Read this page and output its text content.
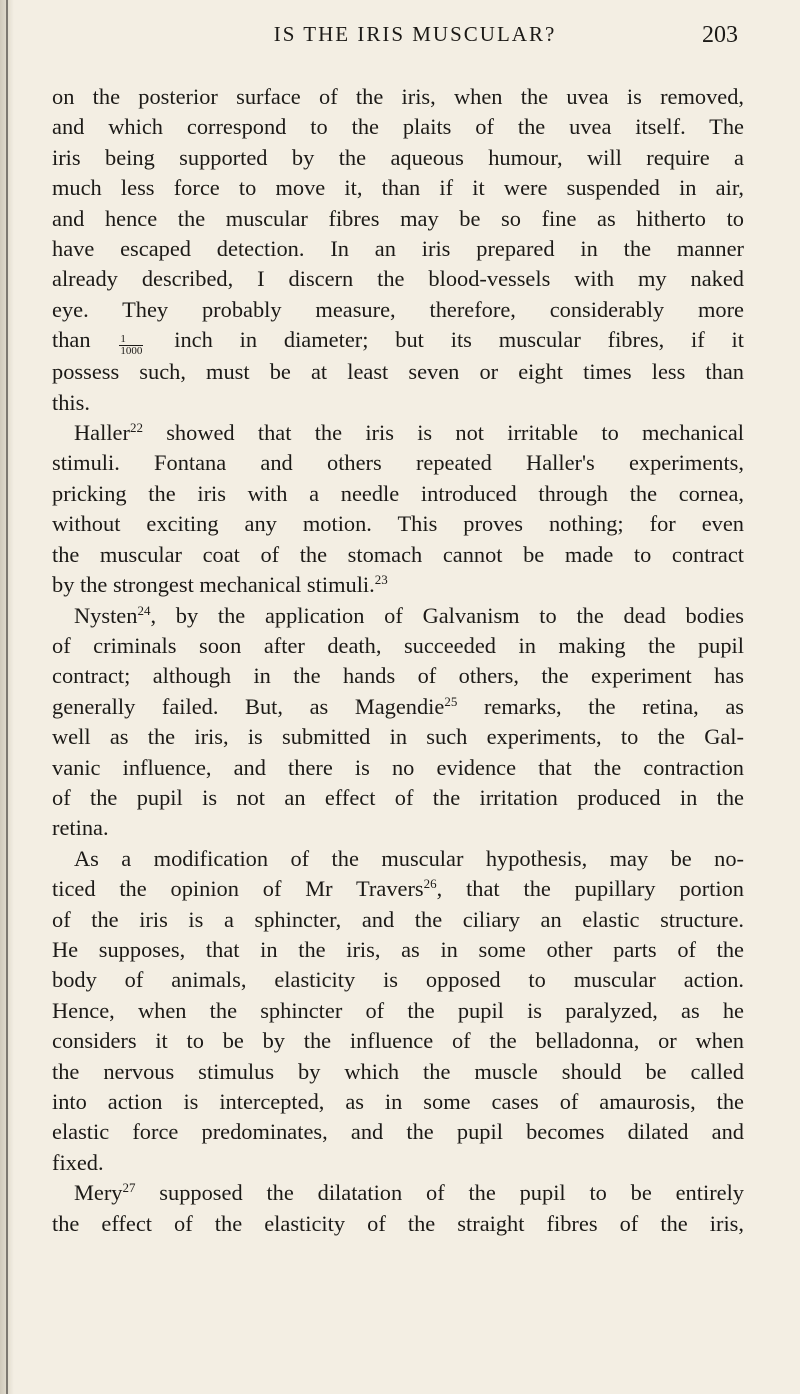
IS THE IRIS MUSCULAR?	203
on the posterior surface of the iris, when the uvea is removed,
and which correspond to the plaits of the uvea itself. The
iris being supported by the aqueous humour, will require a
much less force to move it, than if it were suspended in air,
and hence the muscular fibres may be so fine as hitherto to
have escaped detection. In an iris prepared in the manner
already described, I discern the blood-vessels with my naked
eye. They probably measure, therefore, considerably more
than	$\frac{1}{1000}$ inch in diameter; but its muscular fibres, if it
possess such, must be at least seven or eight times less than
this.
Haller$^{22}$ showed that the iris is not irritable to mechanical
stimuli. Fontana and others repeated Haller's experiments,
pricking the iris with a needle introduced through the cornea,
without exciting any motion. This proves nothing; for even
the muscular coat of the stomach cannot be made to contract
by the strongest mechanical stimuli.$^{23}$
Nysten$^{24}$, by the application of Galvanism to the dead bodies
of criminals soon after death, succeeded in making the pupil
contract; although in the hands of others, the experiment has
generally failed. But, as Magendie$^{25}$ remarks, the retina, as
well as the iris, is submitted in such experiments, to the Gal-
vanic influence, and there is no evidence that the contraction
of the pupil is not an effect of the irritation produced in the
retina.
As a modification of the muscular hypothesis, may be no-
ticed the opinion of Mr Travers$^{26}$, that the pupillary portion
of the iris is a sphincter, and the ciliary an elastic structure.
He supposes, that in the iris, as in some other parts of the
body of animals, elasticity is opposed to muscular action.
Hence, when the sphincter of the pupil is paralyzed, as he
considers it to be by the influence of the belladonna, or when
the nervous stimulus by which the muscle should be called
into action is intercepted, as in some cases of amaurosis, the
elastic force predominates, and the pupil becomes dilated and
fixed.
Mery$^{27}$ supposed the dilatation of the pupil to be entirely
the effect of the elasticity of the straight fibres of the iris,
